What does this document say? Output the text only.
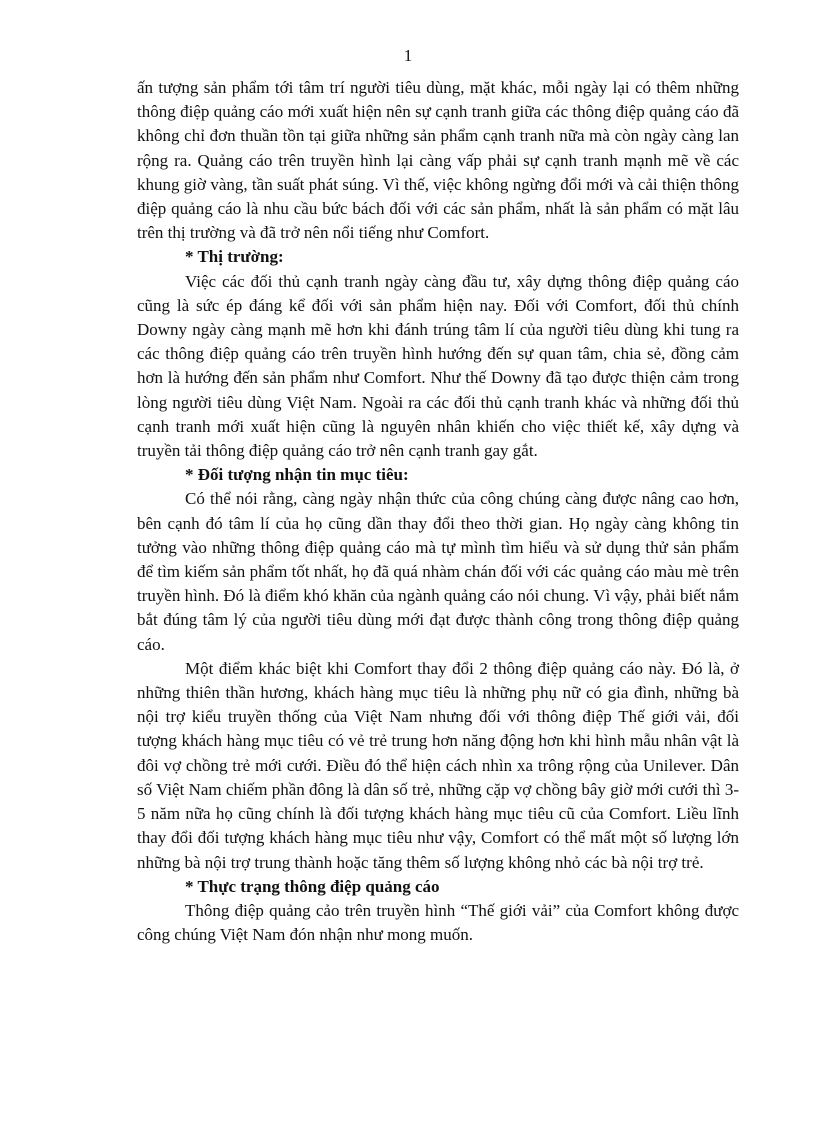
1

ấn tượng sản phẩm tới tâm trí người tiêu dùng, mặt khác, mỗi ngày lại có thêm những thông điệp quảng cáo mới xuất hiện nên sự cạnh tranh giữa các thông điệp quảng cáo đã không chỉ đơn thuần tồn tại giữa những sản phẩm cạnh tranh nữa mà còn ngày càng lan rộng ra. Quảng cáo trên truyền hình lại càng vấp phải sự cạnh tranh mạnh mẽ về các khung giờ vàng, tần suất phát súng. Vì thế, việc không ngừng đổi mới và cải thiện thông điệp quảng cáo là nhu cầu bức bách đối với các sản phẩm, nhất là sản phẩm có mặt lâu trên thị trường và đã trở nên nổi tiếng như Comfort.

* Thị trường:

Việc các đối thủ cạnh tranh ngày càng đầu tư, xây dựng thông điệp quảng cáo cũng là sức ép đáng kể đối với sản phẩm hiện nay. Đối với Comfort, đối thủ chính Downy ngày càng mạnh mẽ hơn khi đánh trúng tâm lí của người tiêu dùng khi tung ra các thông điệp quảng cáo trên truyền hình hướng đến sự quan tâm, chia sẻ, đồng cảm hơn là hướng đến sản phẩm như Comfort. Như thế Downy đã tạo được thiện cảm trong lòng người tiêu dùng Việt Nam. Ngoài ra các đối thủ cạnh tranh khác và những đối thủ cạnh tranh mới xuất hiện cũng là nguyên nhân khiến cho việc thiết kế, xây dựng và truyền tải thông điệp quảng cáo trở nên cạnh tranh gay gắt.

* Đối tượng nhận tin mục tiêu:

Có thể nói rằng, càng ngày nhận thức của công chúng càng được nâng cao hơn, bên cạnh đó tâm lí của họ cũng dần thay đổi theo thời gian. Họ ngày càng không tin tưởng vào những thông điệp quảng cáo mà tự mình tìm hiểu và sử dụng thử sản phẩm để tìm kiếm sản phẩm tốt nhất, họ đã quá nhàm chán đối với các quảng cáo màu mè trên truyền hình. Đó là điểm khó khăn của ngành quảng cáo nói chung. Vì vậy, phải biết nắm bắt đúng tâm lý của người tiêu dùng mới đạt được thành công trong thông điệp quảng cáo.

Một điểm khác biệt khi Comfort thay đổi 2 thông điệp quảng cáo này. Đó là, ở những thiên thần hương, khách hàng mục tiêu là những phụ nữ có gia đình, những bà nội trợ kiểu truyền thống của Việt Nam nhưng đối với thông điệp Thế giới vải, đối tượng khách hàng mục tiêu có vẻ trẻ trung hơn năng động hơn khi hình mẫu nhân vật là đôi vợ chồng trẻ mới cưới. Điều đó thể hiện cách nhìn xa trông rộng của Unilever. Dân số Việt Nam chiếm phần đông là dân số trẻ, những cặp vợ chồng bây giờ mới cưới thì 3- 5 năm nữa họ cũng chính là đối tượng khách hàng mục tiêu cũ của Comfort. Liều lĩnh thay đổi đối tượng khách hàng mục tiêu như vậy, Comfort có thể mất một số lượng lớn những bà nội trợ trung thành hoặc tăng thêm số lượng không nhỏ các bà nội trợ trẻ.

* Thực trạng thông điệp quảng cáo

Thông điệp quảng cảo trên truyền hình “Thế giới vải” của Comfort không được công chúng Việt Nam đón nhận như mong muốn.
